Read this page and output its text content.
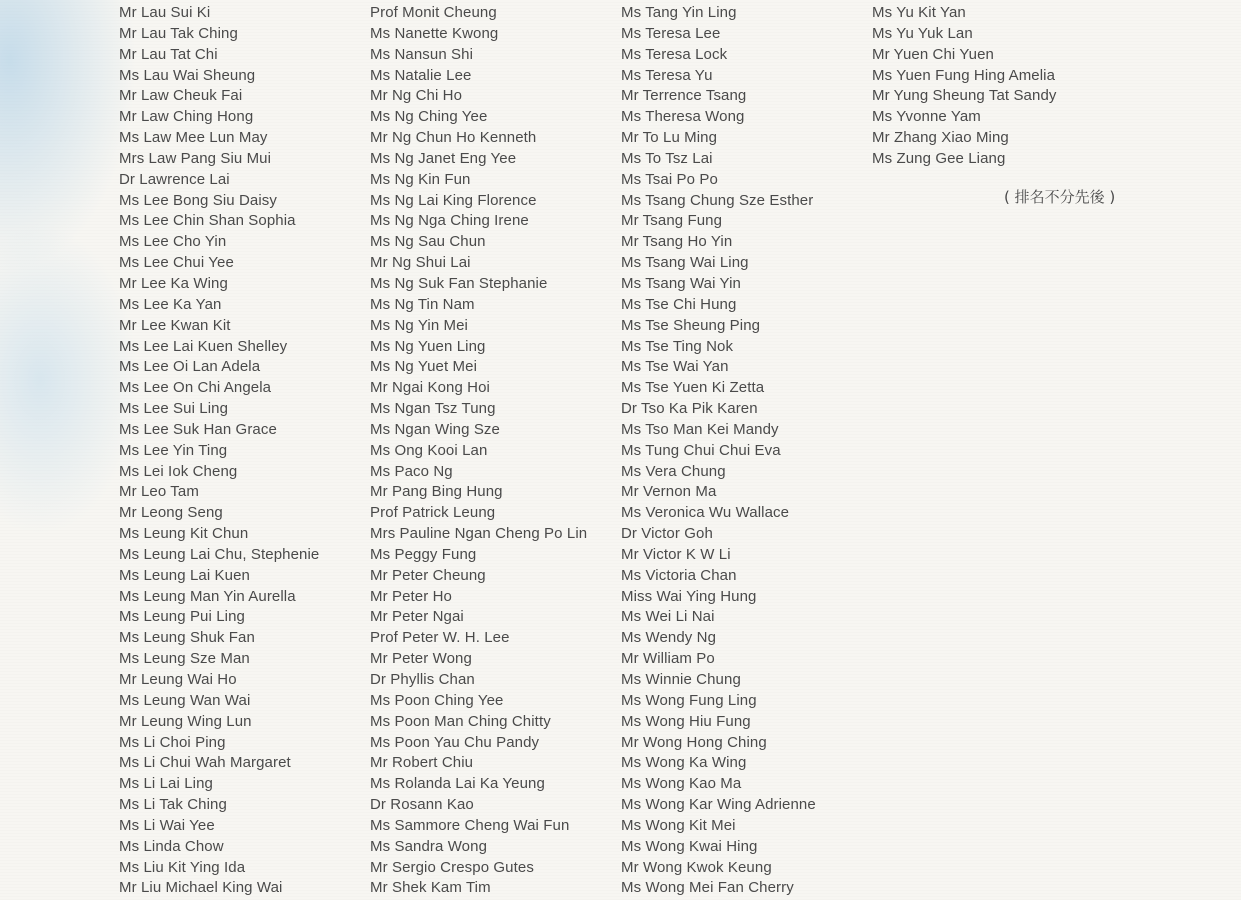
Mr Lau Sui Ki
Mr Lau Tak Ching
Mr Lau Tat Chi
Ms Lau Wai Sheung
Mr Law Cheuk Fai
Mr Law Ching Hong
Ms Law Mee Lun May
Mrs Law Pang Siu Mui
Dr Lawrence Lai
Ms Lee Bong Siu Daisy
Ms Lee Chin Shan Sophia
Ms Lee Cho Yin
Ms Lee Chui Yee
Mr Lee Ka Wing
Ms Lee Ka Yan
Mr Lee Kwan Kit
Ms Lee Lai Kuen Shelley
Ms Lee Oi Lan Adela
Ms Lee On Chi Angela
Ms Lee Sui Ling
Ms Lee Suk Han Grace
Ms Lee Yin Ting
Ms Lei Iok Cheng
Mr Leo Tam
Mr Leong Seng
Ms Leung Kit Chun
Ms Leung Lai Chu, Stephenie
Ms Leung Lai Kuen
Ms Leung Man Yin Aurella
Ms Leung Pui Ling
Ms Leung Shuk Fan
Ms Leung Sze Man
Mr Leung Wai Ho
Ms Leung Wan Wai
Mr Leung Wing Lun
Ms Li Choi Ping
Ms Li Chui Wah Margaret
Ms Li Lai Ling
Ms Li Tak Ching
Ms Li Wai Yee
Ms Linda Chow
Ms Liu Kit Ying Ida
Mr Liu Michael King Wai
Prof Monit Cheung
Ms Nanette Kwong
Ms Nansun Shi
Ms Natalie Lee
Mr Ng Chi Ho
Ms Ng Ching Yee
Mr Ng Chun Ho Kenneth
Ms Ng Janet Eng Yee
Ms Ng Kin Fun
Ms Ng Lai King Florence
Ms Ng Nga Ching Irene
Ms Ng Sau Chun
Mr Ng Shui Lai
Ms Ng Suk Fan Stephanie
Ms Ng Tin Nam
Ms Ng Yin Mei
Ms Ng Yuen Ling
Ms Ng Yuet Mei
Mr Ngai Kong Hoi
Ms Ngan Tsz Tung
Ms Ngan Wing Sze
Ms Ong Kooi Lan
Ms Paco Ng
Mr Pang Bing Hung
Prof Patrick Leung
Mrs Pauline Ngan Cheng Po Lin
Ms Peggy Fung
Mr Peter Cheung
Mr Peter Ho
Mr Peter Ngai
Prof Peter W. H. Lee
Mr Peter Wong
Dr Phyllis Chan
Ms Poon Ching Yee
Ms Poon Man Ching Chitty
Ms Poon Yau Chu Pandy
Mr Robert Chiu
Ms Rolanda Lai Ka Yeung
Dr Rosann Kao
Ms Sammore Cheng Wai Fun
Ms Sandra Wong
Mr Sergio Crespo Gutes
Mr Shek Kam Tim
Ms Tang Yin Ling
Ms Teresa Lee
Ms Teresa Lock
Ms Teresa Yu
Mr Terrence Tsang
Ms Theresa Wong
Mr To Lu Ming
Ms To Tsz Lai
Ms Tsai Po Po
Ms Tsang Chung Sze Esther
Mr Tsang Fung
Mr Tsang Ho Yin
Ms Tsang Wai Ling
Ms Tsang Wai Yin
Ms Tse Chi Hung
Ms Tse Sheung Ping
Ms Tse Ting Nok
Ms Tse Wai Yan
Ms Tse Yuen Ki Zetta
Dr Tso Ka Pik Karen
Ms Tso Man Kei Mandy
Ms Tung Chui Chui Eva
Ms Vera Chung
Mr Vernon Ma
Ms Veronica Wu Wallace
Dr Victor Goh
Mr Victor K W Li
Ms Victoria Chan
Miss Wai Ying Hung
Ms Wei Li Nai
Ms Wendy Ng
Mr William Po
Ms Winnie Chung
Ms Wong Fung Ling
Ms Wong Hiu Fung
Mr Wong Hong Ching
Ms Wong Ka Wing
Ms Wong Kao Ma
Ms Wong Kar Wing Adrienne
Ms Wong Kit Mei
Ms Wong Kwai Hing
Mr Wong Kwok Keung
Ms Wong Mei Fan Cherry
Ms Yu Kit Yan
Ms Yu Yuk Lan
Mr Yuen Chi Yuen
Ms Yuen Fung Hing Amelia
Mr Yung Sheung Tat Sandy
Ms Yvonne Yam
Mr Zhang Xiao Ming
Ms Zung Gee Liang
( 排名不分先後 )
